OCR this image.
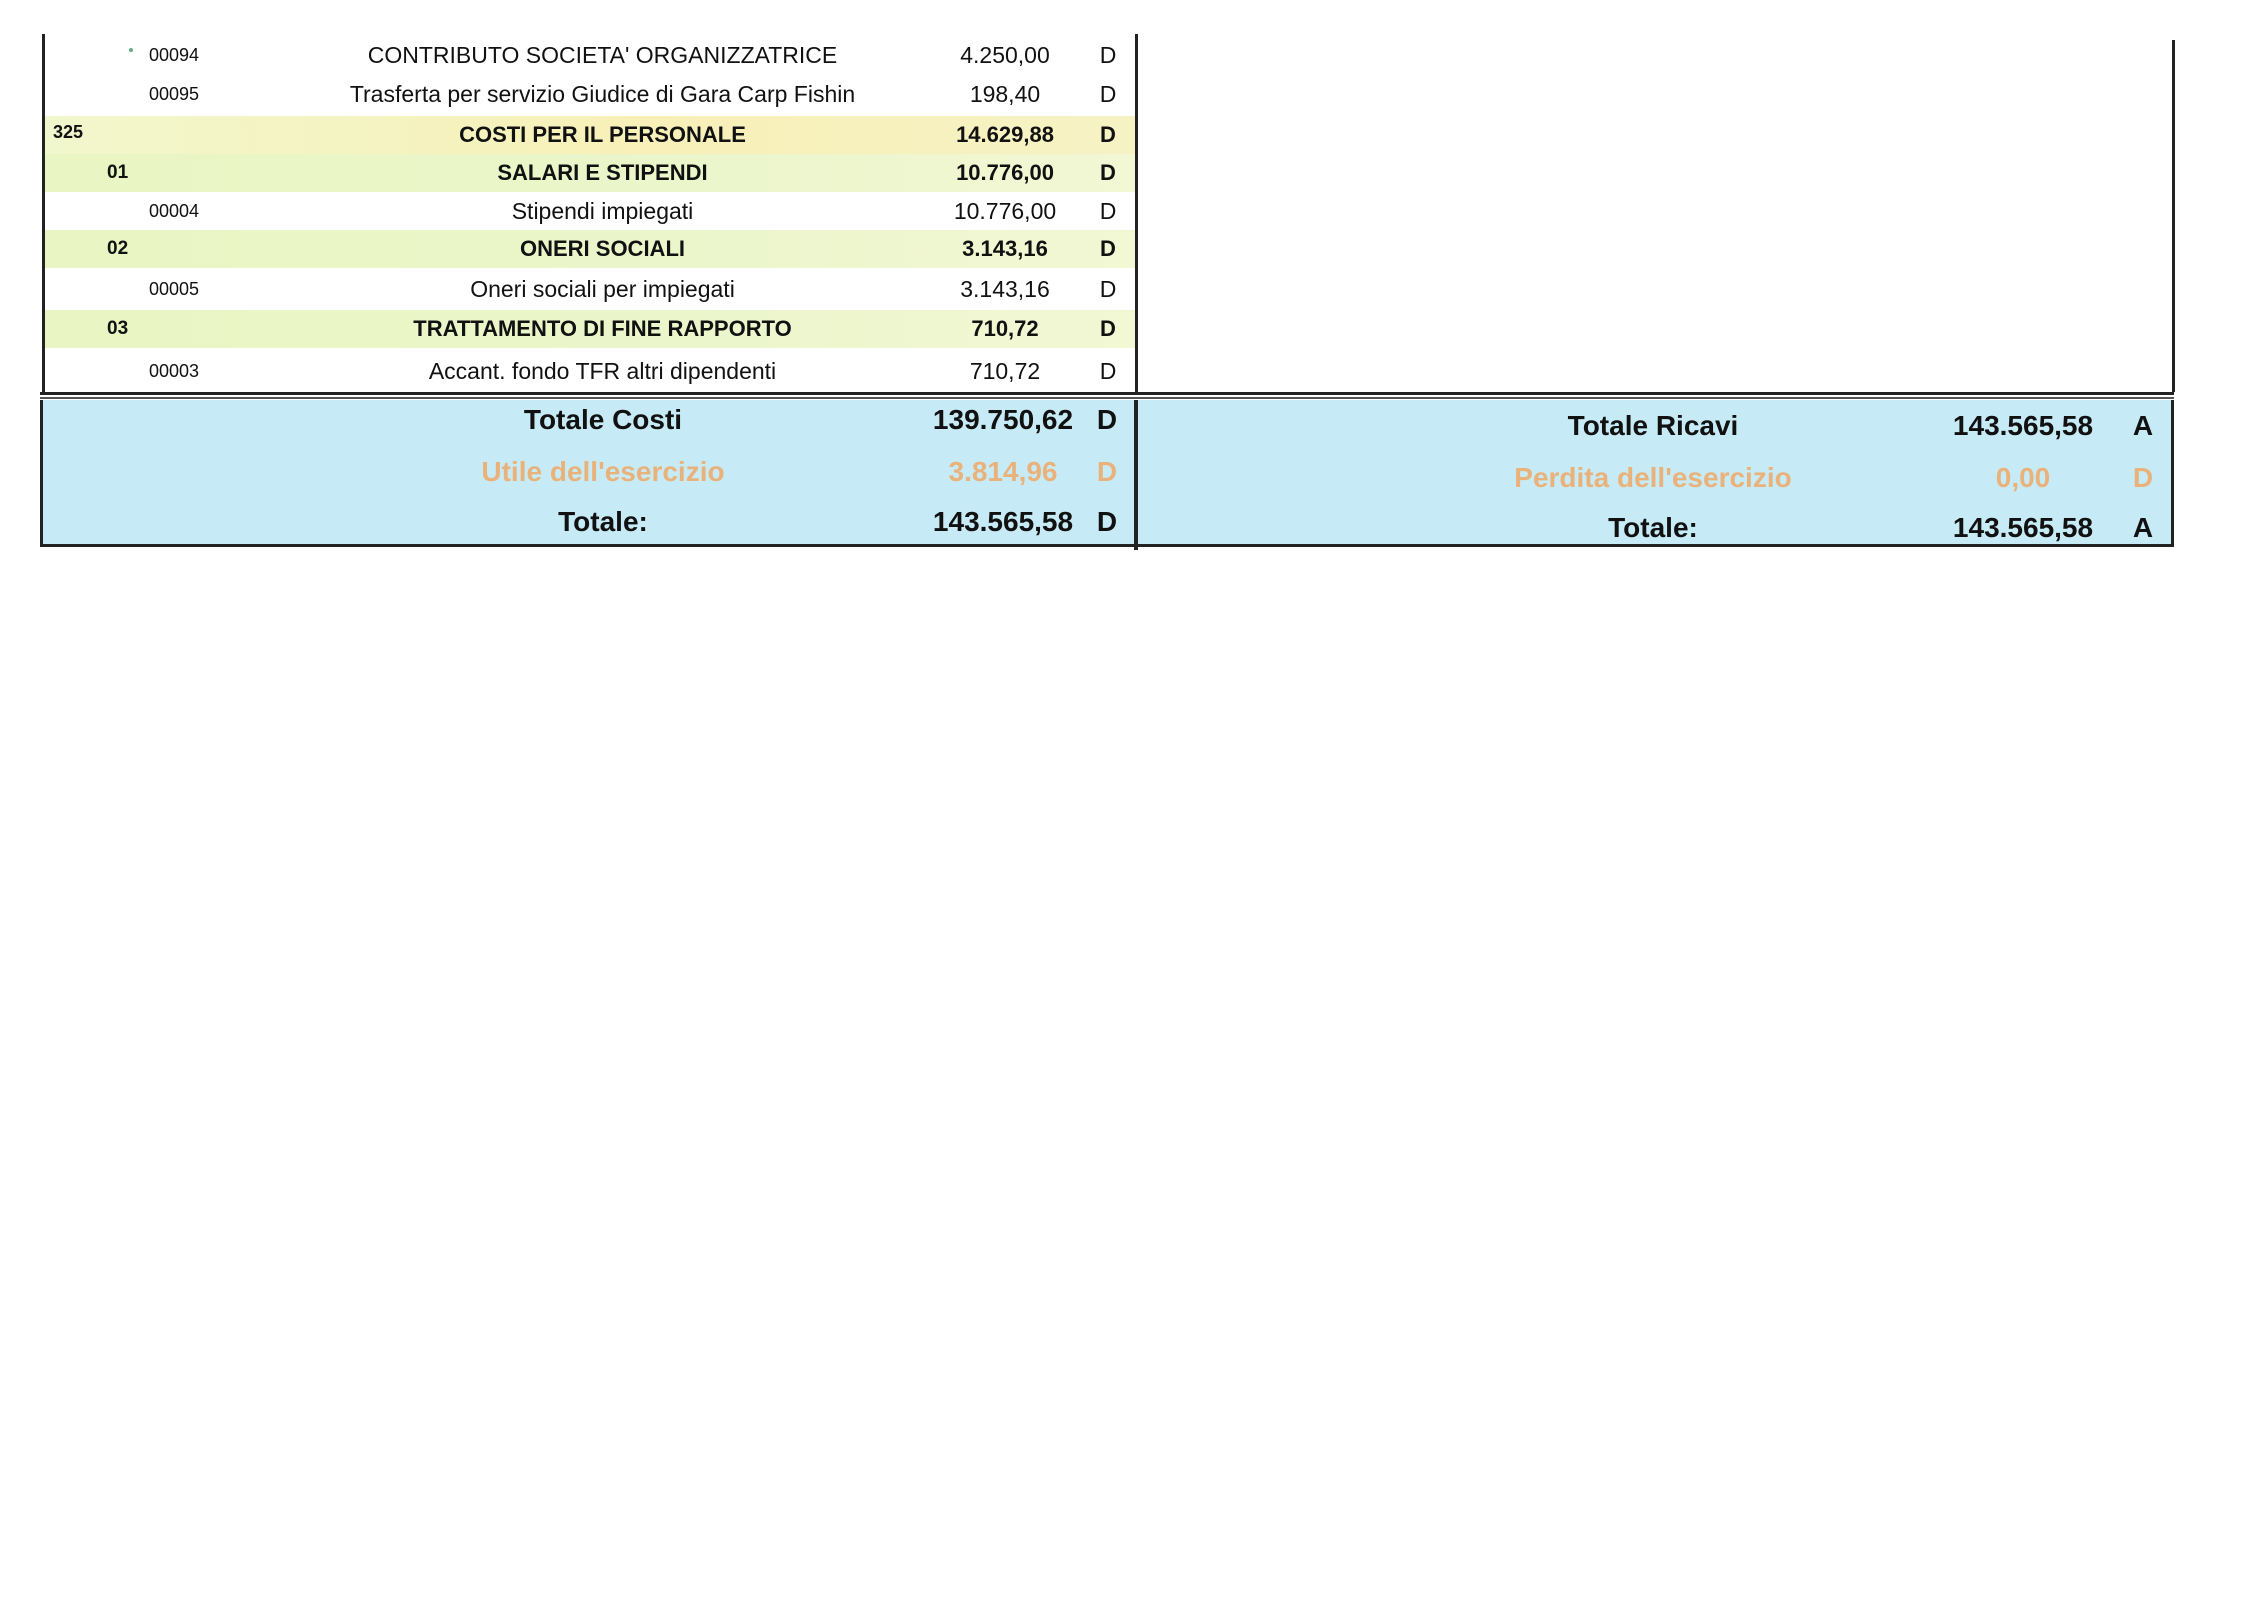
00094	CONTRIBUTO SOCIETA' ORGANIZZATRICE	4.250,00	D
00095	Trasferta per servizio Giudice di Gara Carp Fishin	198,40	D
325	COSTI PER IL PERSONALE	14.629,88	D
01	SALARI E STIPENDI	10.776,00	D
00004	Stipendi impiegati	10.776,00	D
02	ONERI SOCIALI	3.143,16	D
00005	Oneri sociali per impiegati	3.143,16	D
03	TRATTAMENTO DI FINE RAPPORTO	710,72	D
00003	Accant. fondo TFR altri dipendenti	710,72	D
Totale Costi	139.750,62 D
Utile dell'esercizio	3.814,96	D
Totale:	143.565,58 D
Totale Ricavi	143.565,58	A
Perdita dell'esercizio	0,00	D
Totale:	143.565,58	A
